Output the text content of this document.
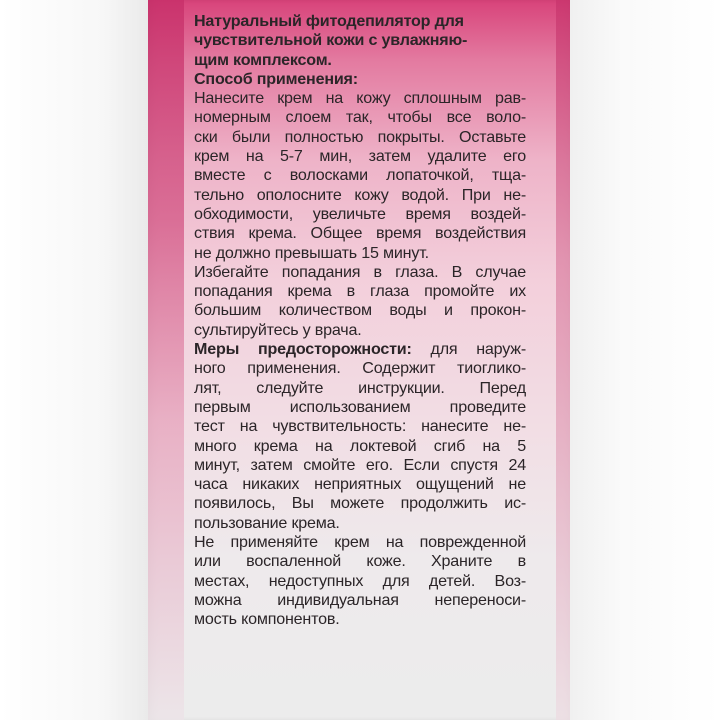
Натуральный фитодепилятор для
чувствительной кожи с увлажняю-
щим комплексом.

Способ применения:
Нанесите крем на кожу сплошным рав-
номерным слоем так, чтобы все воло-
ски были полностью покрыты. Оставьте
крем на 5-7 мин, затем удалите его
вместе с волосками лопаточкой, тща-
тельно ополосните кожу водой. При не-
обходимости, увеличьте время воздей-
ствия крема. Общее время воздействия
не должно превышать 15 минут.
Избегайте попадания в глаза. В случае
попадания крема в глаза промойте их
большим количеством воды и прокон-
сультируйтесь у врача.

Меры предосторожности: для наруж-
ного применения. Содержит тиоглико-
лят, следуйте инструкции. Перед
первым использованием проведите
тест на чувствительность: нанесите не-
много крема на локтевой сгиб на 5
минут, затем смойте его. Если спустя 24
часа никаких неприятных ощущений не
появилось, Вы можете продолжить ис-
пользование крема.
Не применяйте крем на поврежденной
или воспаленной коже. Храните в
местах, недоступных для детей. Воз-
можна индивидуальная непереноси-
мость компонентов.
